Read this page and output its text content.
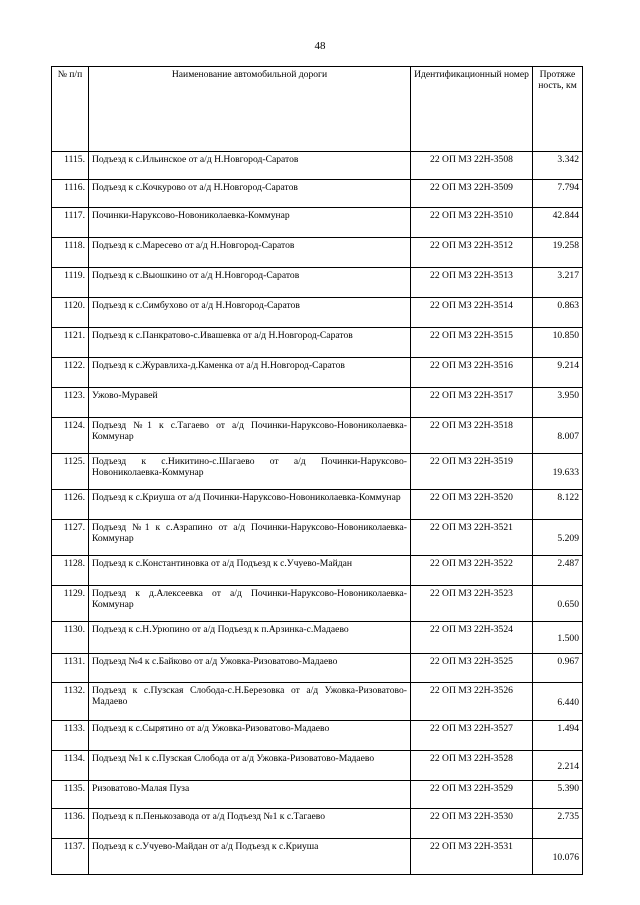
48
№ п/п	Наименование автомобильной дороги	Идентификационный номер	Протяже ность, км
1115.	Подъезд к с.Ильинское от а/д Н.Новгород-Саратов	22 ОП МЗ 22Н-3508	3.342
1116.	Подъезд к с.Кочкурово от а/д Н.Новгород-Саратов	22 ОП МЗ 22Н-3509	7.794
1117.	Починки-Наруксово-Новониколаевка-Коммунар	22 ОП МЗ 22Н-3510	42.844
1118.	Подъезд к с.Маресево от а/д Н.Новгород-Саратов	22 ОП МЗ 22Н-3512	19.258
1119.	Подъезд к с.Выошкино от а/д Н.Новгород-Саратов	22 ОП МЗ 22Н-3513	3.217
1120.	Подъезд к с.Симбухово от а/д Н.Новгород-Саратов	22 ОП МЗ 22Н-3514	0.863
1121.	Подъезд к с.Панкратово-с.Ивашевка от а/д Н.Новгород-Саратов	22 ОП МЗ 22Н-3515	10.850
1122.	Подъезд к с.Журавлиха-д.Каменка от а/д Н.Новгород-Саратов	22 ОП МЗ 22Н-3516	9.214
1123.	Ужово-Муравей	22 ОП МЗ 22Н-3517	3.950
1124.	Подъезд №1 к с.Тагаево от а/д Починки-Наруксово-Новониколаевка-Коммунар	22 ОП МЗ 22Н-3518	8.007
1125.	Подъезд к с.Никитино-с.Шагаево от а/д Починки-Наруксово-Новониколаевка-Коммунар	22 ОП МЗ 22Н-3519	19.633
1126.	Подъезд к с.Криуша от а/д Починки-Наруксово-Новониколаевка-Коммунар	22 ОП МЗ 22Н-3520	8.122
1127.	Подъезд №1 к с.Азрапино от а/д Починки-Наруксово-Новониколаевка-Коммунар	22 ОП МЗ 22Н-3521	5.209
1128.	Подъезд к с.Константиновка от а/д Подъезд к с.Учуево-Майдан	22 ОП МЗ 22Н-3522	2.487
1129.	Подъезд к д.Алексеевка от а/д Починки-Наруксово-Новониколаевка-Коммунар	22 ОП МЗ 22Н-3523	0.650
1130.	Подъезд к с.Н.Урюпино от а/д Подъезд к п.Арзинка-с.Мадаево	22 ОП МЗ 22Н-3524	1.500
1131.	Подъезд №4 к с.Байково от а/д Ужовка-Ризоватово-Мадаево	22 ОП МЗ 22Н-3525	0.967
1132.	Подъезд к с.Пузская Слобода-с.Н.Березовка от а/д Ужовка-Ризоватово-Мадаево	22 ОП МЗ 22Н-3526	6.440
1133.	Подъезд к с.Сырятино от а/д Ужовка-Ризоватово-Мадаево	22 ОП МЗ 22Н-3527	1.494
1134.	Подъезд №1 к с.Пузская Слобода от а/д Ужовка-Ризоватово-Мадаево	22 ОП МЗ 22Н-3528	2.214
1135.	Ризоватово-Малая Пуза	22 ОП МЗ 22Н-3529	5.390
1136.	Подъезд к п.Пенькозавода от а/д Подъезд №1 к с.Тагаево	22 ОП МЗ 22Н-3530	2.735
1137.	Подъезд к с.Учуево-Майдан от а/д Подъезд к с.Криуша	22 ОП МЗ 22Н-3531	10.076
